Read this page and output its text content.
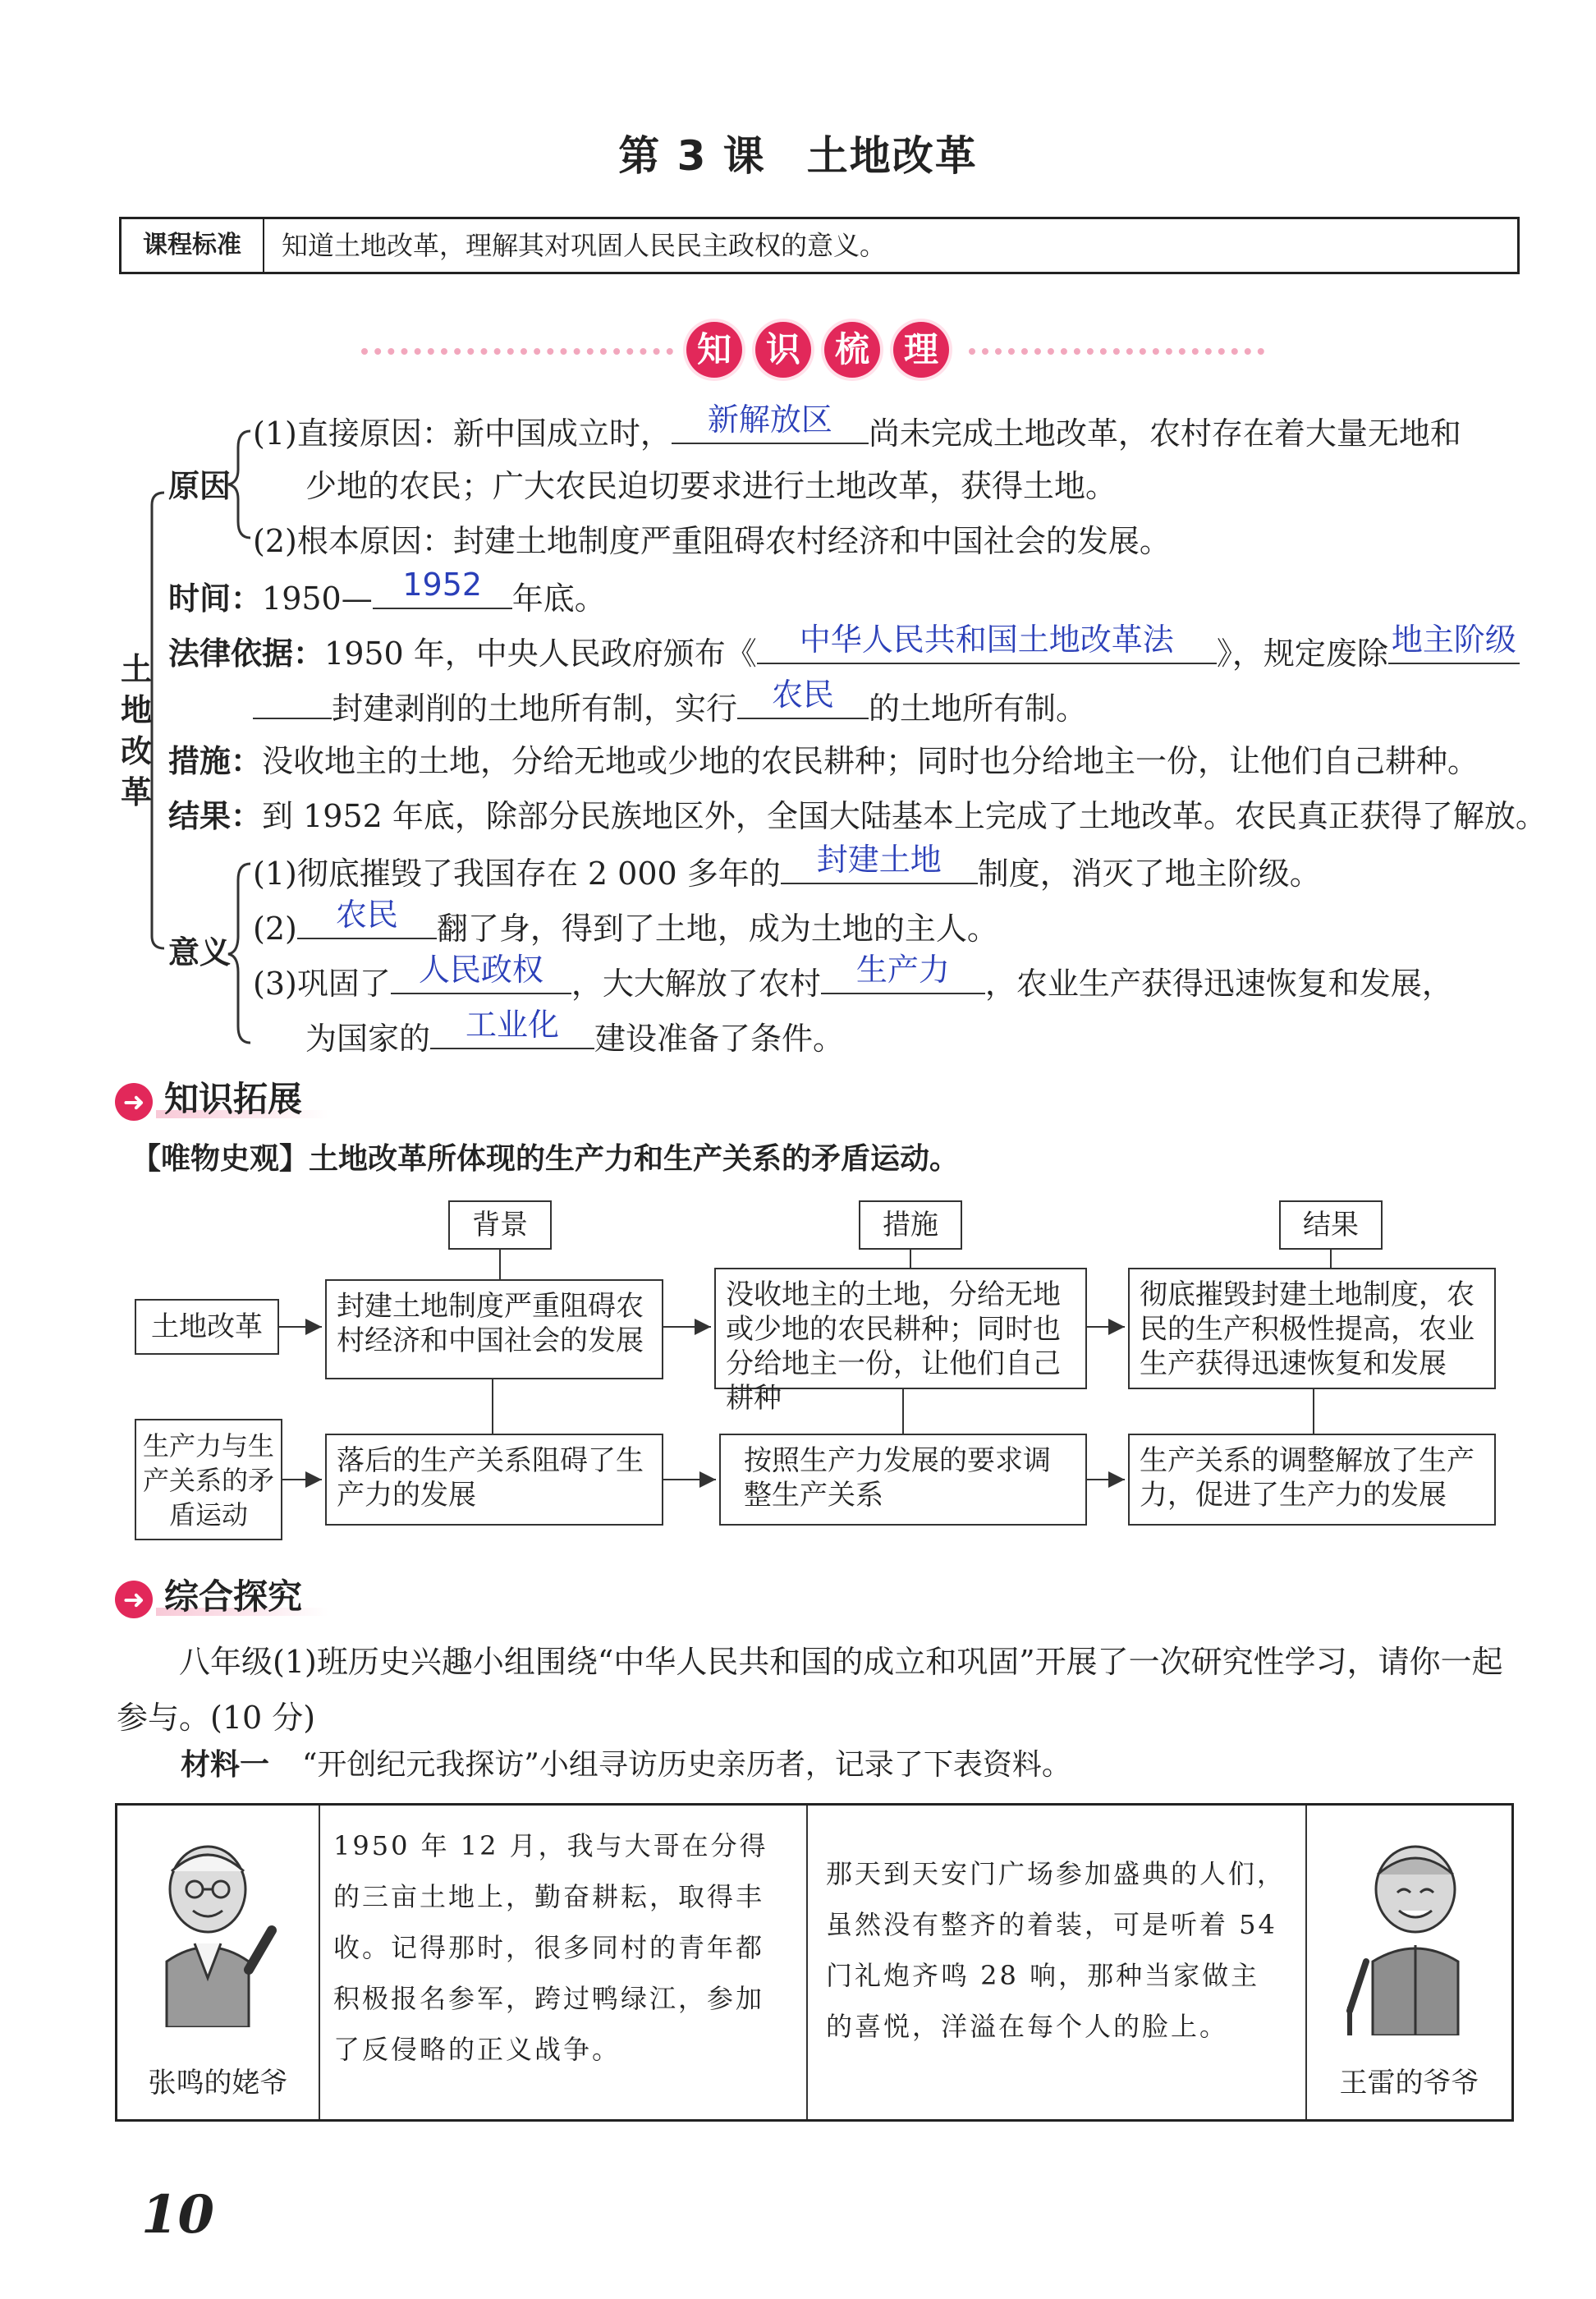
第 3 课 土地改革
课程标准	知道土地改革，理解其对巩固人民民主政权的意义。
知 识 梳 理
土
地
改
革
原因
(1)直接原因：新中国成立时，	新解放区	尚未完成土地改革，农村存在着大量无地和
少地的农民；广大农民迫切要求进行土地改革，获得土地。
(2)根本原因：封建土地制度严重阻碍农村经济和中国社会的发展。
时间：1950— 1952 年底。
法律依据：1950 年，中央人民政府颁布《	中华人民共和国土地改革法	》，规定废除 地主阶级
封建剥削的土地所有制，实行	农民	的土地所有制。
措施：没收地主的土地，分给无地或少地的农民耕种；同时也分给地主一份，让他们自己耕种。
结果：到 1952 年底，除部分民族地区外，全国大陆基本上完成了土地改革。农民真正获得了解放。
意义
(1)彻底摧毁了我国存在 2 000 多年的	封建土地	制度，消灭了地主阶级。
(2)	农民	翻了身，得到了土地，成为土地的主人。
(3)巩固了 人民政权 ，大大解放了农村	生产力	，农业生产获得迅速恢复和发展，
为国家的	工业化	建设准备了条件。
➜ 知识拓展
【唯物史观】土地改革所体现的生产力和生产关系的矛盾运动。
背景	措施	结果
土地改革
封建土地制度严重阻碍农村经济和中国社会的发展
没收地主的土地，分给无地或少地的农民耕种；同时也分给地主一份，让他们自己耕种
彻底摧毁封建土地制度，农民的生产积极性提高，农业生产获得迅速恢复和发展
生产力与生产关系的矛盾运动
落后的生产关系阻碍了生产力的发展
按照生产力发展的要求调整生产关系
生产关系的调整解放了生产力，促进了生产力的发展
➜ 综合探究
八年级(1)班历史兴趣小组围绕“中华人民共和国的成立和巩固”开展了一次研究性学习，请你一起参与。(10 分)
材料一 “开创纪元我探访”小组寻访历史亲历者，记录了下表资料。
张鸣的姥爷
1950 年 12 月，我与大哥在分得的三亩土地上，勤奋耕耘，取得丰收。记得那时，很多同村的青年都积极报名参军，跨过鸭绿江，参加了反侵略的正义战争。
那天到天安门广场参加盛典的人们，虽然没有整齐的着装，可是听着 54 门礼炮齐鸣 28 响，那种当家做主的喜悦，洋溢在每个人的脸上。
王雷的爷爷
10
